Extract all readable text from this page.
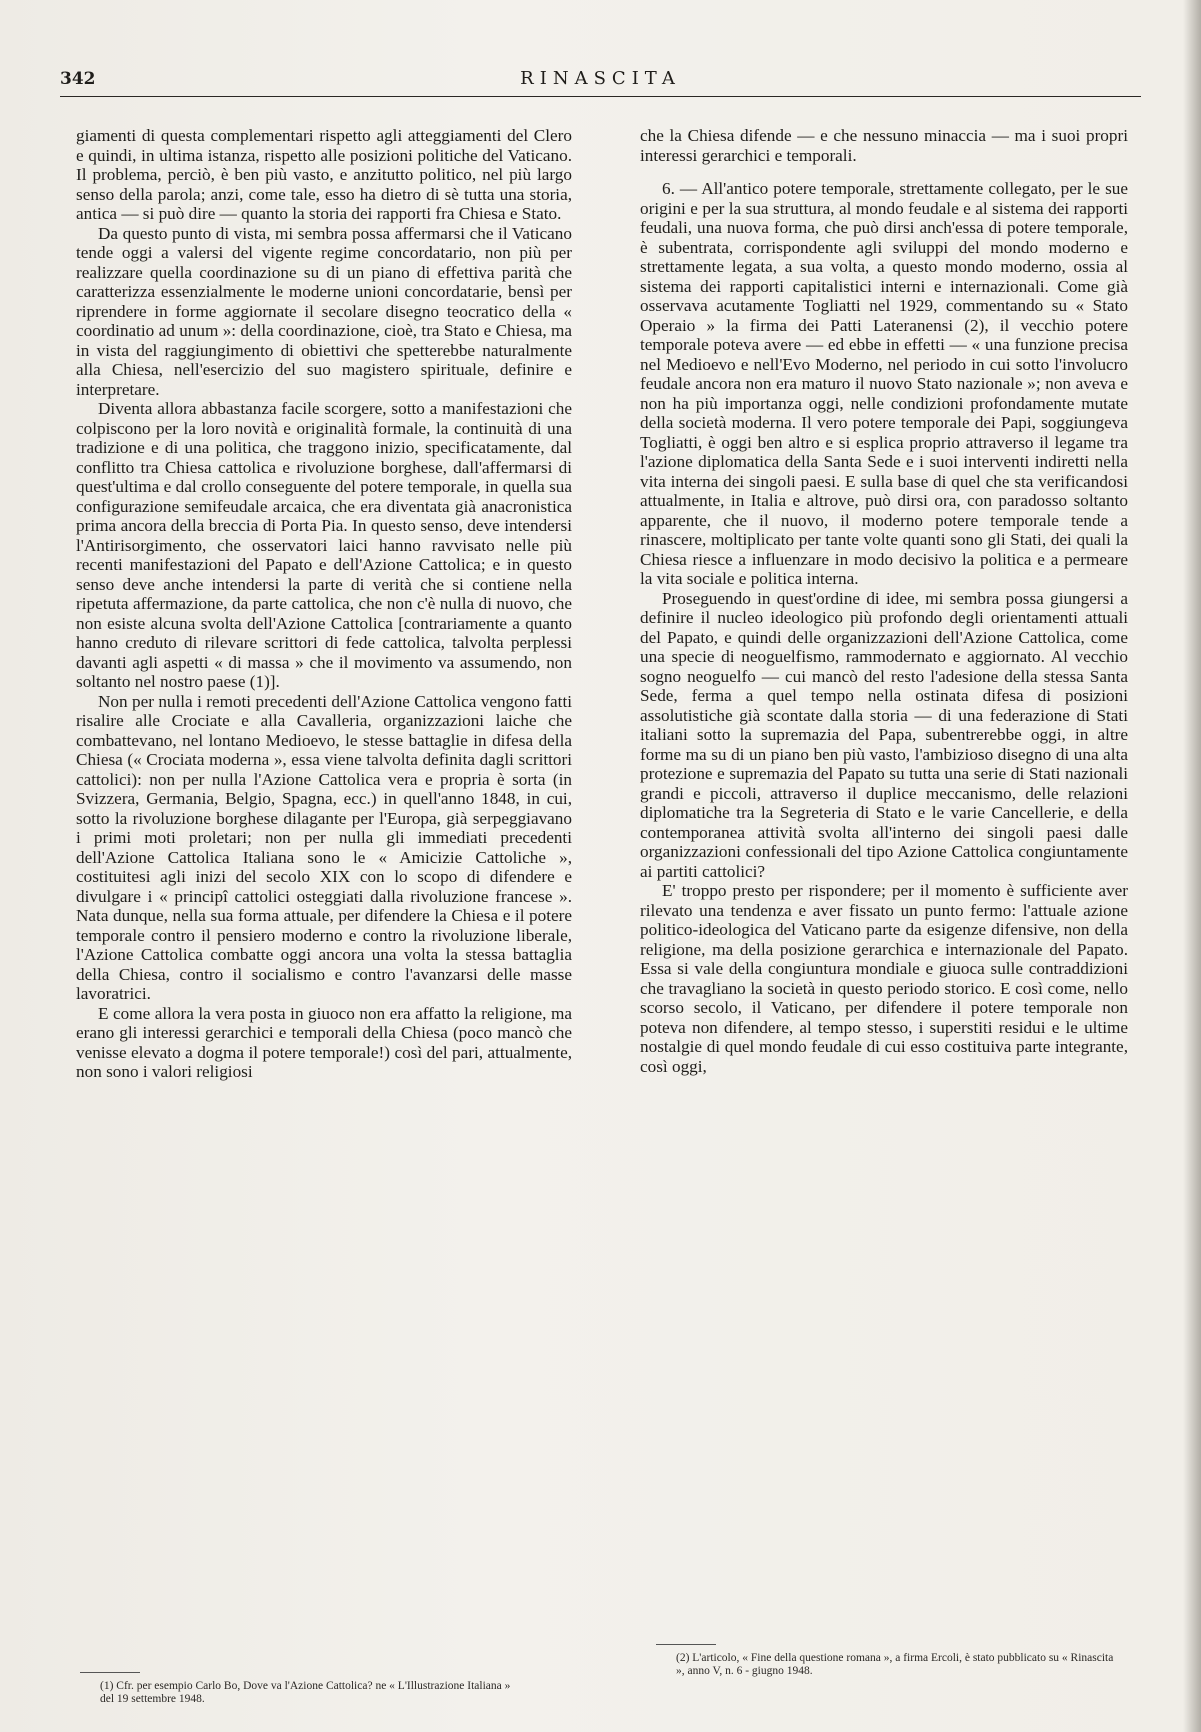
342	RINASCITA

giamenti di questa complementari rispetto agli atteggiamenti del Clero e quindi, in ultima istanza, rispetto alle posizioni politiche del Vaticano. Il problema, perciò, è ben più vasto, e anzitutto politico, nel più largo senso della parola; anzi, come tale, esso ha dietro di sè tutta una storia, antica — si può dire — quanto la storia dei rapporti fra Chiesa e Stato.

Da questo punto di vista, mi sembra possa affermarsi che il Vaticano tende oggi a valersi del vigente regime concordatario, non più per realizzare quella coordinazione su di un piano di effettiva parità che caratterizza essenzialmente le moderne unioni concordatarie, bensì per riprendere in forme aggiornate il secolare disegno teocratico della « coordinatio ad unum »: della coordinazione, cioè, tra Stato e Chiesa, ma in vista del raggiungimento di obiettivi che spetterebbe naturalmente alla Chiesa, nell'esercizio del suo magistero spirituale, definire e interpretare.

Diventa allora abbastanza facile scorgere, sotto a manifestazioni che colpiscono per la loro novità e originalità formale, la continuità di una tradizione e di una politica, che traggono inizio, specificatamente, dal conflitto tra Chiesa cattolica e rivoluzione borghese, dall'affermarsi di quest'ultima e dal crollo conseguente del potere temporale, in quella sua configurazione semifeudale arcaica, che era diventata già anacronistica prima ancora della breccia di Porta Pia. In questo senso, deve intendersi l'Antirisorgimento, che osservatori laici hanno ravvisato nelle più recenti manifestazioni del Papato e dell'Azione Cattolica; e in questo senso deve anche intendersi la parte di verità che si contiene nella ripetuta affermazione, da parte cattolica, che non c'è nulla di nuovo, che non esiste alcuna svolta dell'Azione Cattolica [contrariamente a quanto hanno creduto di rilevare scrittori di fede cattolica, talvolta perplessi davanti agli aspetti « di massa » che il movimento va assumendo, non soltanto nel nostro paese (1)].

Non per nulla i remoti precedenti dell'Azione Cattolica vengono fatti risalire alle Crociate e alla Cavalleria, organizzazioni laiche che combattevano, nel lontano Medioevo, le stesse battaglie in difesa della Chiesa (« Crociata moderna », essa viene talvolta definita dagli scrittori cattolici): non per nulla l'Azione Cattolica vera e propria è sorta (in Svizzera, Germania, Belgio, Spagna, ecc.) in quell'anno 1848, in cui, sotto la rivoluzione borghese dilagante per l'Europa, già serpeggiavano i primi moti proletari; non per nulla gli immediati precedenti dell'Azione Cattolica Italiana sono le « Amicizie Cattoliche », costituitesi agli inizi del secolo XIX con lo scopo di difendere e divulgare i « principî cattolici osteggiati dalla rivoluzione francese ». Nata dunque, nella sua forma attuale, per difendere la Chiesa e il potere temporale contro il pensiero moderno e contro la rivoluzione liberale, l'Azione Cattolica combatte oggi ancora una volta la stessa battaglia della Chiesa, contro il socialismo e contro l'avanzarsi delle masse lavoratrici.

E come allora la vera posta in giuoco non era affatto la religione, ma erano gli interessi gerarchici e temporali della Chiesa (poco mancò che venisse elevato a dogma il potere temporale!) così del pari, attualmente, non sono i valori religiosi

che la Chiesa difende — e che nessuno minaccia — ma i suoi propri interessi gerarchici e temporali.

6. — All'antico potere temporale, strettamente collegato, per le sue origini e per la sua struttura, al mondo feudale e al sistema dei rapporti feudali, una nuova forma, che può dirsi anch'essa di potere temporale, è subentrata, corrispondente agli sviluppi del mondo moderno e strettamente legata, a sua volta, a questo mondo moderno, ossia al sistema dei rapporti capitalistici interni e internazionali. Come già osservava acutamente Togliatti nel 1929, commentando su « Stato Operaio » la firma dei Patti Lateranensi (2), il vecchio potere temporale poteva avere — ed ebbe in effetti — « una funzione precisa nel Medioevo e nell'Evo Moderno, nel periodo in cui sotto l'involucro feudale ancora non era maturo il nuovo Stato nazionale »; non aveva e non ha più importanza oggi, nelle condizioni profondamente mutate della società moderna. Il vero potere temporale dei Papi, soggiungeva Togliatti, è oggi ben altro e si esplica proprio attraverso il legame tra l'azione diplomatica della Santa Sede e i suoi interventi indiretti nella vita interna dei singoli paesi. E sulla base di quel che sta verificandosi attualmente, in Italia e altrove, può dirsi ora, con paradosso soltanto apparente, che il nuovo, il moderno potere temporale tende a rinascere, moltiplicato per tante volte quanti sono gli Stati, dei quali la Chiesa riesce a influenzare in modo decisivo la politica e a permeare la vita sociale e politica interna.

Proseguendo in quest'ordine di idee, mi sembra possa giungersi a definire il nucleo ideologico più profondo degli orientamenti attuali del Papato, e quindi delle organizzazioni dell'Azione Cattolica, come una specie di neoguelfismo, rammodernato e aggiornato. Al vecchio sogno neoguelfo — cui mancò del resto l'adesione della stessa Santa Sede, ferma a quel tempo nella ostinata difesa di posizioni assolutistiche già scontate dalla storia — di una federazione di Stati italiani sotto la supremazia del Papa, subentrerebbe oggi, in altre forme ma su di un piano ben più vasto, l'ambizioso disegno di una alta protezione e supremazia del Papato su tutta una serie di Stati nazionali grandi e piccoli, attraverso il duplice meccanismo, delle relazioni diplomatiche tra la Segreteria di Stato e le varie Cancellerie, e della contemporanea attività svolta all'interno dei singoli paesi dalle organizzazioni confessionali del tipo Azione Cattolica congiuntamente ai partiti cattolici?

E' troppo presto per rispondere; per il momento è sufficiente aver rilevato una tendenza e aver fissato un punto fermo: l'attuale azione politico-ideologica del Vaticano parte da esigenze difensive, non della religione, ma della posizione gerarchica e internazionale del Papato. Essa si vale della congiuntura mondiale e giuoca sulle contraddizioni che travagliano la società in questo periodo storico. E così come, nello scorso secolo, il Vaticano, per difendere il potere temporale non poteva non difendere, al tempo stesso, i superstiti residui e le ultime nostalgie di quel mondo feudale di cui esso costituiva parte integrante, così oggi,

(1) Cfr. per esempio Carlo Bo, Dove va l'Azione Cattolica? ne « L'Illustrazione Italiana » del 19 settembre 1948.
(2) L'articolo, « Fine della questione romana », a firma Ercoli, è stato pubblicato su « Rinascita », anno V, n. 6 - giugno 1948.
